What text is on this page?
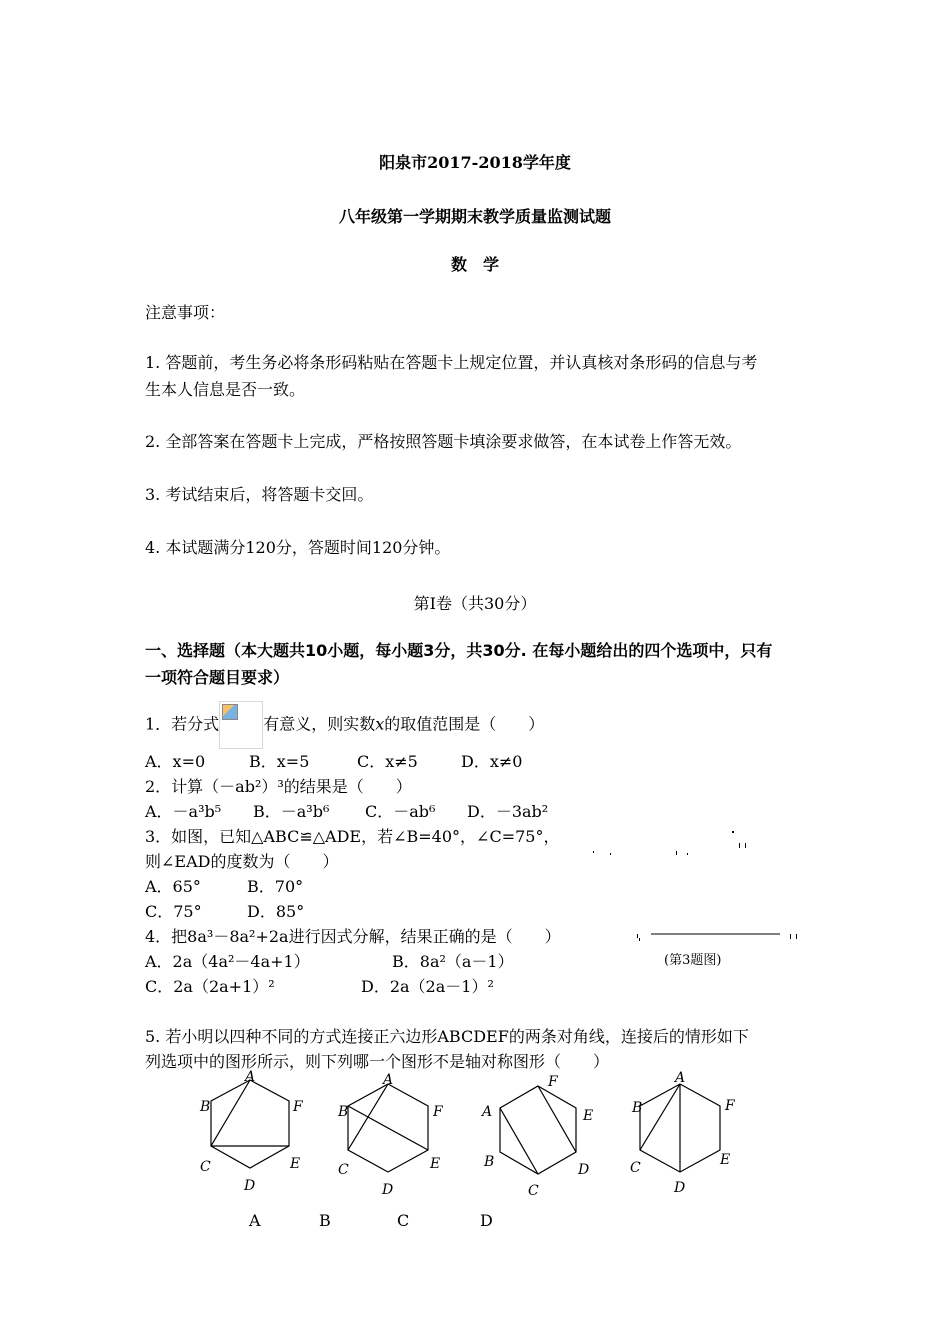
阳泉市2017-2018学年度
八年级第一学期期末教学质量监测试题
数　学
注意事项：
1. 答题前，考生务必将条形码粘贴在答题卡上规定位置，并认真核对条形码的信息与考
生本人信息是否一致。
2. 全部答案在答题卡上完成，严格按照答题卡填涂要求做答，在本试卷上作答无效。
3. 考试结束后，将答题卡交回。
4. 本试题满分120分，答题时间120分钟。
第Ⅰ卷（共30分）
一、选择题（本大题共10小题，每小题3分，共30分. 在每小题给出的四个选项中，只有
一项符合题目要求）
1．若分式	有意义，则实数x的取值范围是（　　）
A．x=0	B．x=5	C．x≠5	D．x≠0
2．计算（－ab²）³的结果是（　　）
A．－a³b⁵ B．－a³b⁶ C．－ab⁶ D．－3ab²
3．如图，已知△ABC≌△ADE，若∠B=40°，∠C=75°，
则∠EAD的度数为（　　）
A．65°	B．70°
C．75°	D．85°
(第3题图)
4．把8a³－8a²+2a进行因式分解，结果正确的是（　　）
A．2a（4a²－4a+1）	B．8a²（a－1）
C．2a（2a+1）²	D．2a（2a－1）²
5. 若小明以四种不同的方式连接正六边形ABCDEF的两条对角线，连接后的情形如下
列选项中的图形所示，则下列哪一个图形不是轴对称图形（　　）
A
B
C
D
E
F
A
B
C
D
E
F	A
B
C
D
E
F	A
B
C
D
E
F
A	B	C	D
